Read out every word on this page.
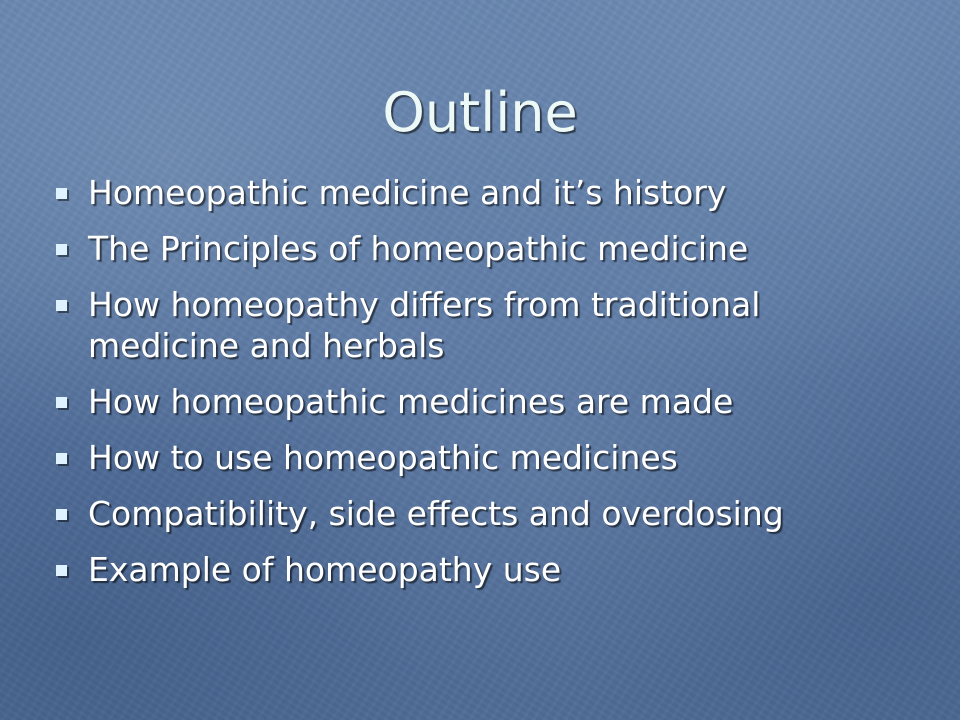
Outline
Homeopathic medicine and it’s history
The Principles of homeopathic medicine
How homeopathy differs from traditional medicine and herbals
How homeopathic medicines are made
How to use homeopathic medicines
Compatibility, side effects and overdosing
Example of homeopathy use
